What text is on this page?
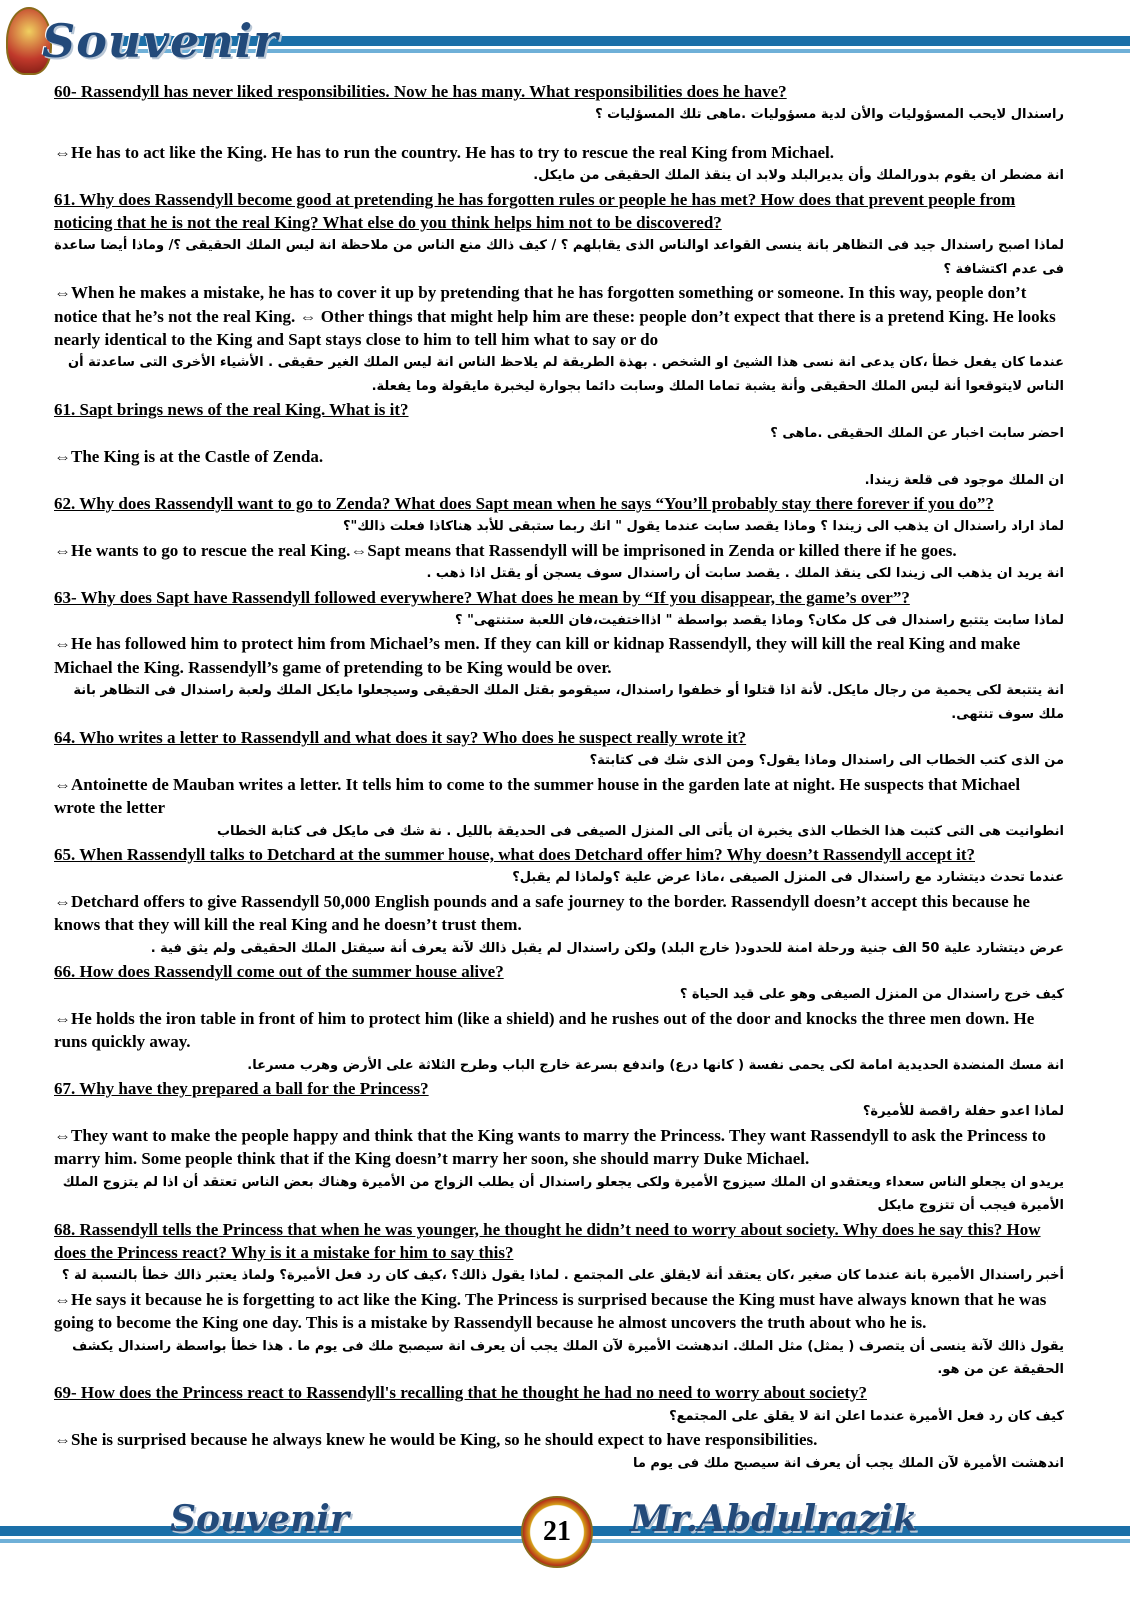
Souvenir

60- Rassendyll has never liked responsibilities. Now he has many. What responsibilities does he have?

راسندال لايحب المسؤوليات والأن لدية مسؤوليات .ماهى تلك المسؤليات ؟

⇔ He has to act like the King. He has to run the country. He has to try to rescue the real King from Michael.

انة مضطر ان يقوم بدورالملك وأن يديرالبلد ولابد ان ينقذ الملك الحقيقى من مايكل.

61. Why does Rassendyll become good at pretending he has forgotten rules or people he has met? How does that prevent people from noticing that he is not the real King? What else do you think helps him not to be discovered?

لماذا اصبح راسندال جيد فى التظاهر بانة ينسى القواعد اوالناس الذى يقابلهم ؟ / كيف ذالك منع الناس من ملاحظة انة ليس الملك الحقيقى ؟/ وماذا أيضا ساعدة فى عدم اكتشافة ؟

⇔ When he makes a mistake, he has to cover it up by pretending that he has forgotten something or someone. In this way, people don’t notice that he’s not the real King. ⇔ Other things that might help him are these: people don’t expect that there is a pretend King. He looks nearly identical to the King and Sapt stays close to him to tell him what to say or do

عندما كان يفعل خطأ ،كان يدعى انة نسى هذا الشيئ او الشخص . بهذة الطريقة لم يلاحظ الناس انة ليس الملك الغير حقيقى . الأشياء الأخرى التى ساعدتة أن الناس لايتوقعوا أنة ليس الملك الحقيقى وأنة يشبة تماما الملك وسابت دائما بجوارة ليخبرة مايقولة وما يفعلة.

61. Sapt brings news of the real King. What is it?

احضر سابت اخبار عن الملك الحقيقى .ماهى ؟

⇔ The King is at the Castle of Zenda.

ان الملك موجود فى قلعة زيندا.

62. Why does Rassendyll want to go to Zenda? What does Sapt mean when he says “You’ll probably stay there forever if you do”?

لماذ اراد راسندال ان يذهب الى زيندا ؟ وماذا يقصد سابت عندما يقول " انك ربما ستبقى للأبد هناكاذا فعلت ذالك"؟

⇔ He wants to go to rescue the real King.⇔Sapt means that Rassendyll will be imprisoned in Zenda or killed there if he goes.

انة يريد ان يذهب الى زيندا لكى ينقذ الملك . يقصد سابت أن راسندال سوف يسجن أو يقتل اذا ذهب .

63- Why does Sapt have Rassendyll followed everywhere? What does he mean by “If you disappear, the game’s over”?

لماذا سابت يتتبع راسندال فى كل مكان؟ وماذا يقصد بواسطة " اذااختفيت،فان اللعبة ستنتهى" ؟

⇔ He has followed him to protect him from Michael’s men. If they can kill or kidnap Rassendyll, they will kill the real King and make Michael the King. Rassendyll’s game of pretending to be King would be over.

انة يتتبعة لكى يحمية من رجال مايكل. لأنة اذا قتلوا أو خطفوا راسندال، سيقومو بقتل الملك الحقيقى وسيجعلوا مايكل الملك ولعبة راسندال فى التظاهر بانة ملك سوف تنتهى.

64. Who writes a letter to Rassendyll and what does it say? Who does he suspect really wrote it?

من الذى كتب الخطاب الى راسندال وماذا يقول؟ ومن الذى شك فى كتابتة؟

⇔ Antoinette de Mauban writes a letter. It tells him to come to the summer house in the garden late at night. He suspects that Michael wrote the letter

انطوانيت هى التى كتبت هذا الخطاب الذى يخبرة ان يأتى الى المنزل الصيفى فى الحديقة بالليل . نة شك فى مايكل فى كتابة الخطاب

65. When Rassendyll talks to Detchard at the summer house, what does Detchard offer him? Why doesn’t Rassendyll accept it?

عندما تحدث ديتشارد مع راسندال فى المنزل الصيفى ،ماذا عرض علية ؟ولماذا لم يقبل؟

⇔ Detchard offers to give Rassendyll 50,000 English pounds and a safe journey to the border. Rassendyll doesn’t accept this because he knows that they will kill the real King and he doesn’t trust them.

عرض ديتشارد علية 50 الف جنية ورحلة امنة للحدود( خارج البلد) ولكن راسندال لم يقبل ذالك لآنة يعرف أنة سيقتل الملك الحقيقى ولم يثق فية .

66. How does Rassendyll come out of the summer house alive?

كيف خرج راسندال من المنزل الصيفى وهو على قيد الحياة ؟

⇔ He holds the iron table in front of him to protect him (like a shield) and he rushes out of the door and knocks the three men down. He runs quickly away.

انة مسك المنضدة الحديدية امامة لكى يحمى نفسة ( كانها درع) واندفع بسرعة خارج الباب وطرح الثلاثة على الأرض وهرب مسرعا.

67. Why have they prepared a ball for the Princess?

لماذا اعدو حفلة راقصة للأميرة؟

⇔ They want to make the people happy and think that the King wants to marry the Princess. They want Rassendyll to ask the Princess to marry him. Some people think that if the King doesn’t marry her soon, she should marry Duke Michael.

يريدو ان يجعلو الناس سعداء ويعتقدو ان الملك سيزوج الأميرة ولكى يجعلو راسندال أن يطلب الزواج من الأميرة وهناك بعض الناس تعتقد أن اذا لم يتزوج الملك الأميرة فيجب أن تتزوج مايكل

68. Rassendyll tells the Princess that when he was younger, he thought he didn’t need to worry about society. Why does he say this? How does the Princess react? Why is it a mistake for him to say this?

أخبر راسندال الأميرة بانة عندما كان صغير ،كان يعتقد أنة لايقلق على المجتمع . لماذا يقول ذالك؟ ،كيف كان رد فعل الأميرة؟ ولماذ يعتبر ذالك خطأ بالنسبة لة ؟

⇔ He says it because he is forgetting to act like the King. The Princess is surprised because the King must have always known that he was going to become the King one day. This is a mistake by Rassendyll because he almost uncovers the truth about who he is.

يقول ذالك لآنة ينسى أن يتصرف ( يمثل) مثل الملك. اندهشت الأميرة لآن الملك يجب أن يعرف انة سيصبح ملك فى يوم ما . هذا خطأ بواسطة راسندال يكشف الحقيقة عن من هو.

69- How does the Princess react to Rassendyll's recalling that he thought he had no need to worry about society?

كيف كان رد فعل الأميرة عندما اعلن انة لا يقلق على المجتمع؟

⇔ She is surprised because he always knew he would be King, so he should expect to have responsibilities.

اندهشت الأميرة لآن الملك يجب أن يعرف انة سيصبح ملك فى يوم ما

Souvenir	21 Mr.Abdulrazik
